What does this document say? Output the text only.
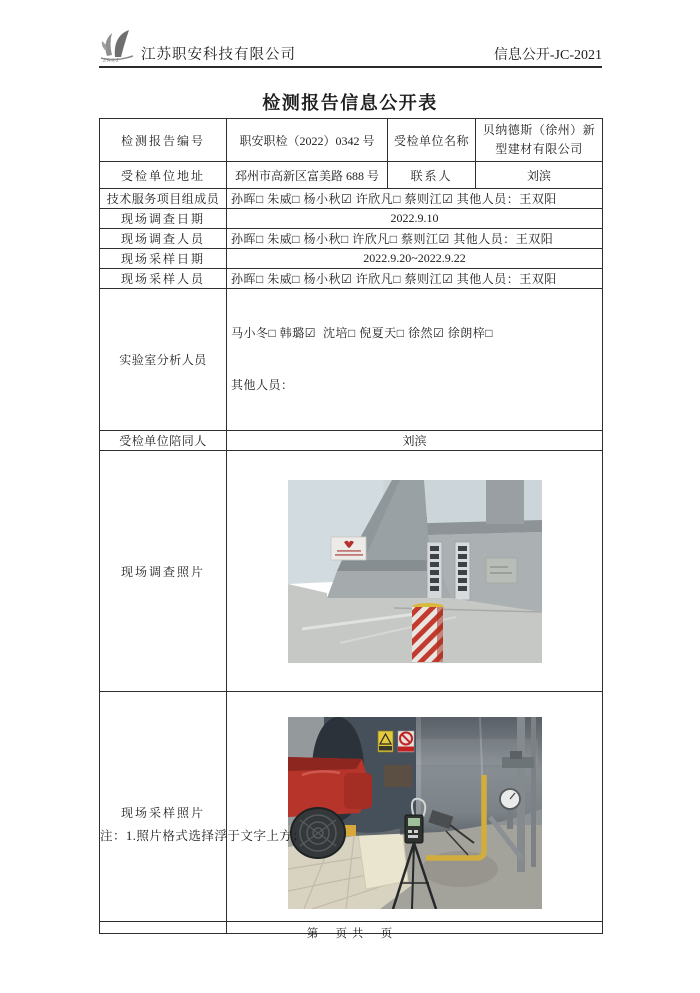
ZAKJ 江苏职安科技有限公司	信息公开-JC-2021
检测报告信息公开表
检测报告编号	职安职检（2022）0342 号	受检单位名称	贝纳德斯（徐州）新型建材有限公司
受检单位地址	邳州市高新区富美路 688 号	联系人	刘滨
技术服务项目组成员	孙晖□ 朱威□ 杨小秋☑ 许欣凡□ 蔡则江☑ 其他人员：王双阳		
现场调查日期	2022.9.10		
现场调查人员	孙晖□ 朱威□ 杨小秋□ 许欣凡□ 蔡则江☑ 其他人员：王双阳		
现场采样日期	2022.9.20~2022.9.22		
现场采样人员	孙晖□ 朱威□ 杨小秋☑ 许欣凡□ 蔡则江☑ 其他人员：王双阳		
实验室分析人员	马小冬□ 韩璐☑  沈培□ 倪夏天□ 徐然☑ 徐朗梓□

其他人员：		

受检单位陪同人	刘滨		
现场调查照片	

现场采样照片	
注：1.照片格式选择浮于文字上方；
第　 页 共　 页
